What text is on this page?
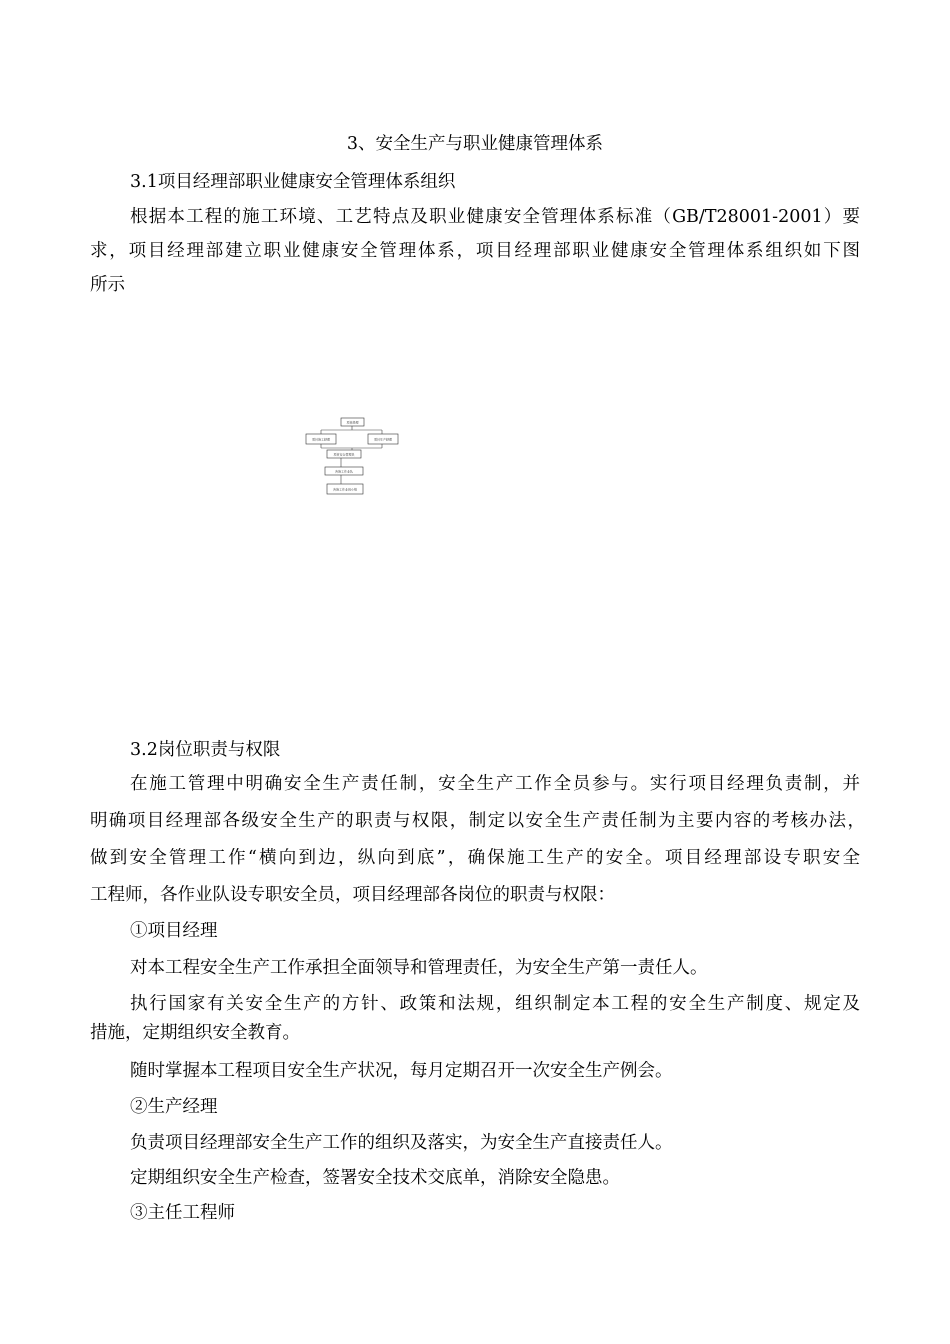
3、安全生产与职业健康管理体系
3.1项目经理部职业健康安全管理体系组织
根据本工程的施工环境、工艺特点及职业健康安全管理体系标准（GB/T28001-2001）要
求，项目经理部建立职业健康安全管理体系，项目经理部职业健康安全管理体系组织如下图
所示
项目经理
项目施工经理	项目生产经理
项目安全管理员
各施工作业队
各施工作业班小组
3.2岗位职责与权限
在施工管理中明确安全生产责任制，安全生产工作全员参与。实行项目经理负责制，并
明确项目经理部各级安全生产的职责与权限，制定以安全生产责任制为主要内容的考核办法，
做到安全管理工作“横向到边，纵向到底”，确保施工生产的安全。项目经理部设专职安全
工程师，各作业队设专职安全员，项目经理部各岗位的职责与权限：
①项目经理
对本工程安全生产工作承担全面领导和管理责任，为安全生产第一责任人。
执行国家有关安全生产的方针、政策和法规，组织制定本工程的安全生产制度、规定及
措施，定期组织安全教育。
随时掌握本工程项目安全生产状况，每月定期召开一次安全生产例会。
②生产经理
负责项目经理部安全生产工作的组织及落实，为安全生产直接责任人。
定期组织安全生产检查，签署安全技术交底单，消除安全隐患。
③主任工程师
